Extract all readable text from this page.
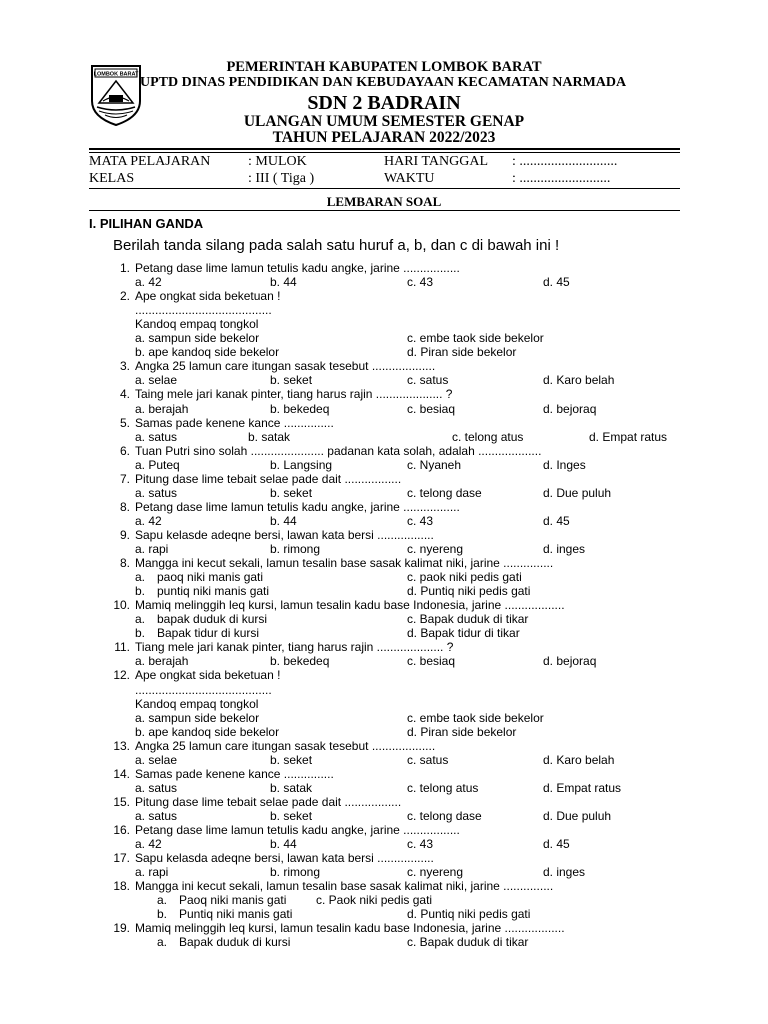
LOMBOK BARAT	PEMERINTAH KABUPATEN LOMBOK BARAT
UPTD DINAS PENDIDIKAN DAN KEBUDAYAAN KECAMATAN NARMADA
SDN 2 BADRAIN
ULANGAN UMUM SEMESTER GENAP
TAHUN PELAJARAN 2022/2023
MATA PELAJARAN	: MULOK	HARI TANGGAL : ............................
KELAS	: III ( Tiga )	WAKTU	: ..........................
LEMBARAN SOAL
I. PILIHAN GANDA
Berilah tanda silang pada salah satu huruf a, b, dan c di bawah ini !
1. Petang dase lime lamun tetulis kadu angke, jarine .................
a. 42	b. 44	c. 43	d. 45
2. Ape ongkat sida beketuan !
.........................................
Kandoq empaq tongkol
a. sampun side bekelor	c. embe taok side bekelor
b. ape kandoq side bekelor	d. Piran side bekelor
3. Angka 25 lamun care itungan sasak tesebut ...................
a. selae	b. seket	c. satus	d. Karo belah
4. Taing mele jari kanak pinter, tiang harus rajin .................... ?
a. berajah	b. bekedeq	c. besiaq	d. bejoraq
5. Samas pade kenene kance ...............
a. satus	b. satak	c. telong atus	d. Empat ratus
6. Tuan Putri sino solah ...................... padanan kata solah, adalah ...................
a. Puteq	b. Langsing	c. Nyaneh	d. Inges
7. Pitung dase lime tebait selae pade dait .................
a. satus	b. seket	c. telong dase	d. Due puluh
8. Petang dase lime lamun tetulis kadu angke, jarine .................
a. 42	b. 44	c. 43	d. 45
9. Sapu kelasde adeqne bersi, lawan kata bersi .................
a. rapi	b. rimong	c. nyereng	d. inges
8. Mangga ini kecut sekali, lamun tesalin base sasak kalimat niki, jarine ...............
a. paoq niki manis gati	c. paok niki pedis gati
b. puntiq niki manis gati	d. Puntiq niki pedis gati
10. Mamiq melinggih leq kursi, lamun tesalin kadu base Indonesia, jarine ..................
a. bapak duduk di kursi	c. Bapak duduk di tikar
b. Bapak tidur di kursi	d. Bapak tidur di tikar
11. Tiang mele jari kanak pinter, tiang harus rajin .................... ?
a. berajah	b. bekedeq	c. besiaq	d. bejoraq
12. Ape ongkat sida beketuan !
.........................................
Kandoq empaq tongkol
a. sampun side bekelor	c. embe taok side bekelor
b. ape kandoq side bekelor	d. Piran side bekelor
13. Angka 25 lamun care itungan sasak tesebut ...................
a. selae	b. seket	c. satus	d. Karo belah
14. Samas pade kenene kance ...............
a. satus	b. satak	c. telong atus	d. Empat ratus
15. Pitung dase lime tebait selae pade dait .................
a. satus	b. seket	c. telong dase	d. Due puluh
16. Petang dase lime lamun tetulis kadu angke, jarine .................
a. 42	b. 44	c. 43	d. 45
17. Sapu kelasda adeqne bersi, lawan kata bersi .................
a. rapi	b. rimong	c. nyereng	d. inges
18. Mangga ini kecut sekali, lamun tesalin base sasak kalimat niki, jarine ...............
a. Paoq niki manis gati c. Paok niki pedis gati
b. Puntiq niki manis gati	d. Puntiq niki pedis gati
19. Mamiq melinggih leq kursi, lamun tesalin kadu base Indonesia, jarine ..................
a. Bapak duduk di kursi	c. Bapak duduk di tikar
